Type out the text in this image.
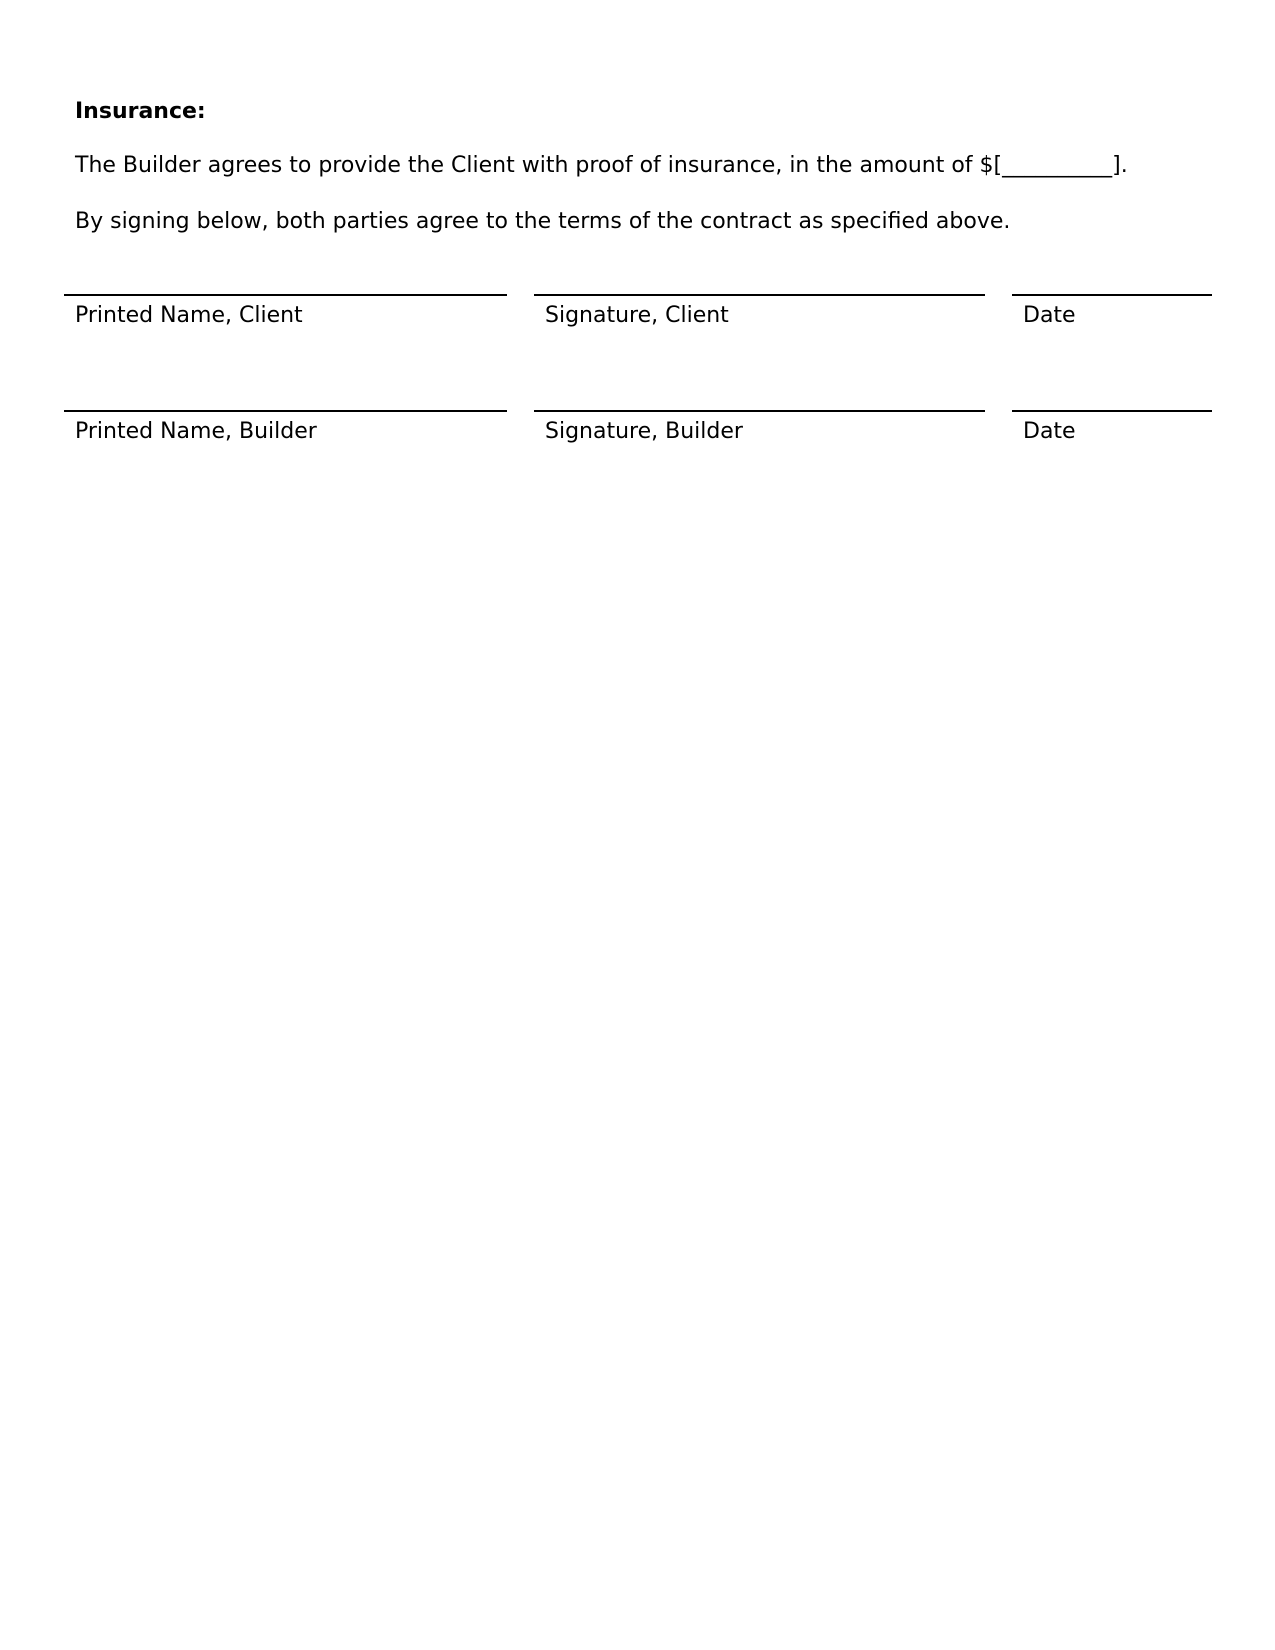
Insurance:
The Builder agrees to provide the Client with proof of insurance, in the amount of $[__________].
By signing below, both parties agree to the terms of the contract as specified above.
Printed Name, Client	Signature, Client	Date
Printed Name, Builder	Signature, Builder	Date
